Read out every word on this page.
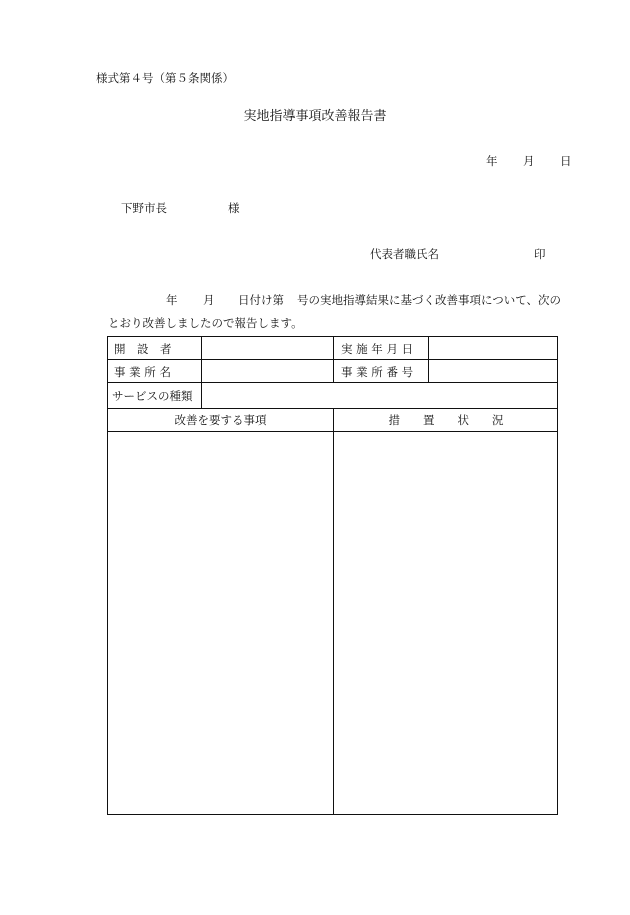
様式第４号（第５条関係）
実地指導事項改善報告書
年 月 日
下野市長	様
代表者職氏名	印
年 月 日付け第 号の実地指導結果に基づく改善事項について、次の
とおり改善しましたので報告します。
開　設　者	実 施 年 月 日
事 業 所 名	事 業 所 番 号
サービスの種類
改善を要する事項	措　　置　　状　　況
